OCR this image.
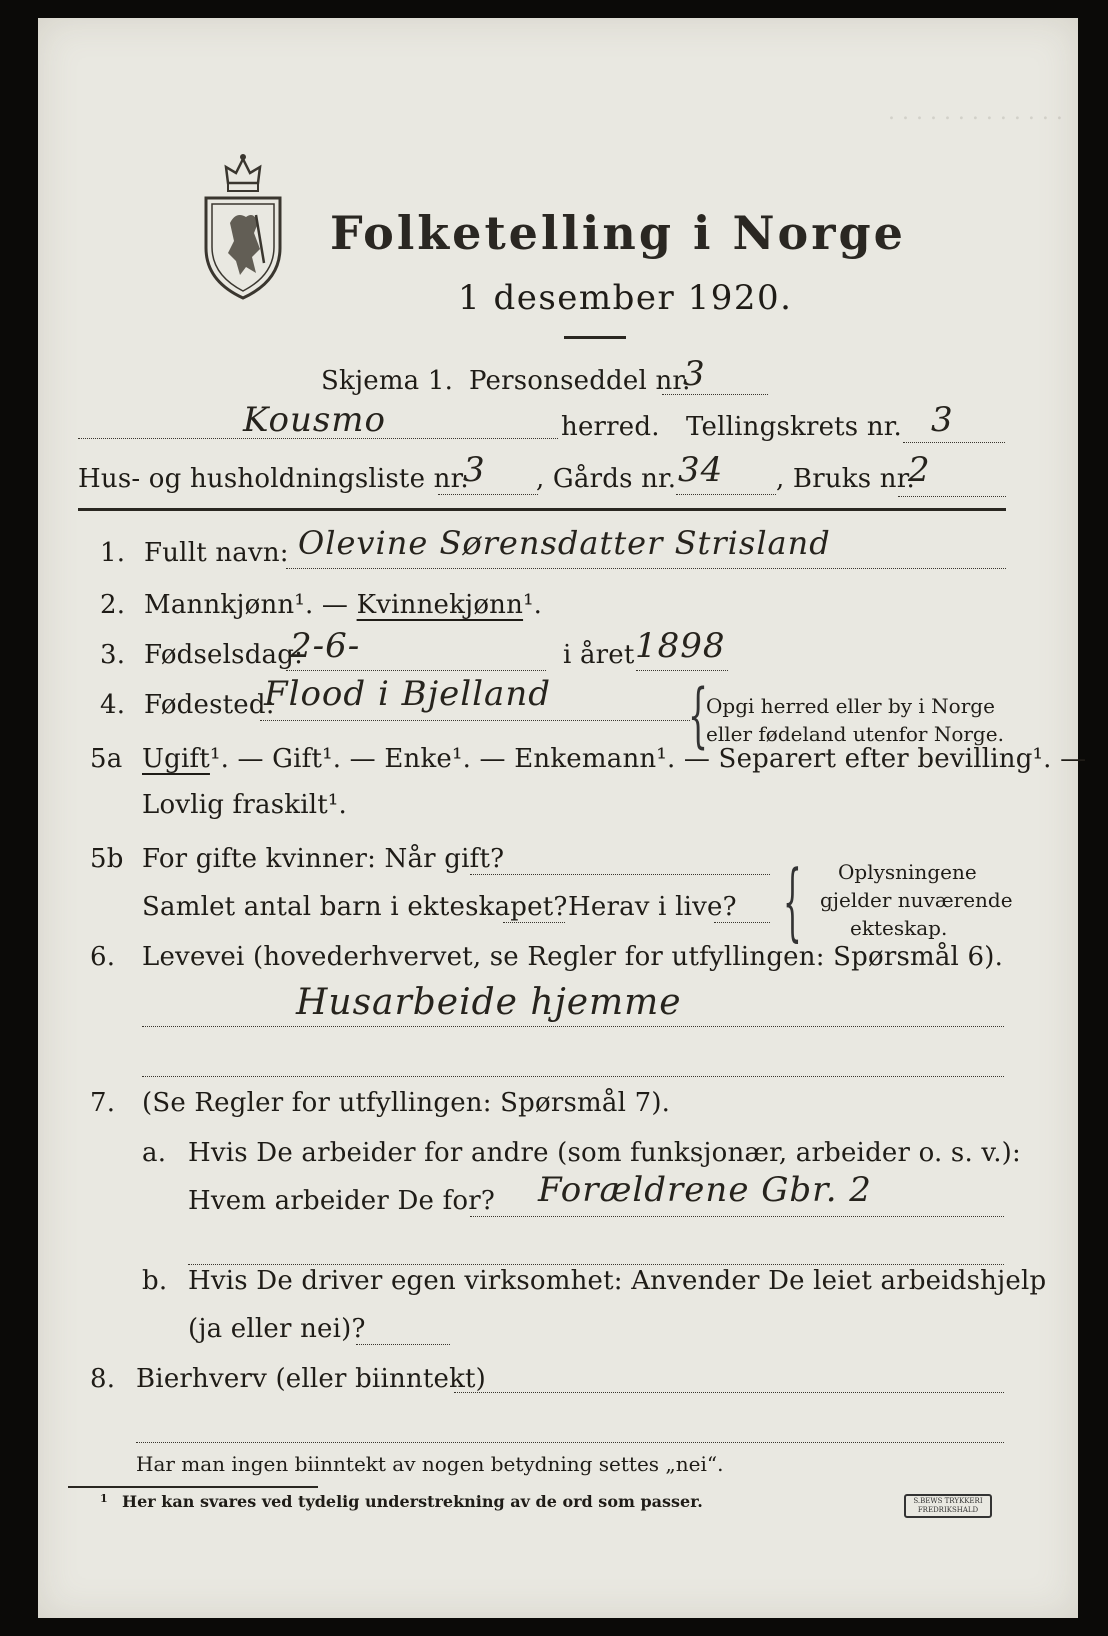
. . . . . . . . . . . . .
Folketelling i Norge
1 desember 1920.
Skjema 1. Personseddel nr.
3
Kousmo	herred. Tellingskrets nr. 3
Hus- og husholdningsliste nr.
3 , Gårds nr. 34 , Bruks nr.
2
1. Fullt navn: Olevine Sørensdatter Strisland
2. Mannkjønn¹. — Kvinnekjønn¹.
3. Fødselsdag:
2-6-	i året 1898
4. Fødested:
Flood i Bjelland {
Opgi herred eller by i Norge
eller fødeland utenfor Norge.
5a Ugift¹. — Gift¹. — Enke¹. — Enkemann¹. — Separert efter bevilling¹. —
Lovlig fraskilt¹.
5b For gifte kvinner: Når gift?
Samlet antal barn i ekteskapet? Herav i live? { Oplysningene
gjelder nuværende
ekteskap.
6. Levevei (hovederhvervet, se Regler for utfyllingen: Spørsmål 6).
Husarbeide hjemme
7. (Se Regler for utfyllingen: Spørsmål 7).
a. Hvis De arbeider for andre (som funksjonær, arbeider o. s. v.):
Hvem arbeider De for? Forældrene Gbr. 2
b. Hvis De driver egen virksomhet: Anvender De leiet arbeidshjelp
(ja eller nei)?
8. Bierhverv (eller biinntekt)
Har man ingen biinntekt av nogen betydning settes „nei“.
1 Her kan svares ved tydelig understrekning av de ord som passer.	S.BEWS TRYKKERI
FREDRIKSHALD
